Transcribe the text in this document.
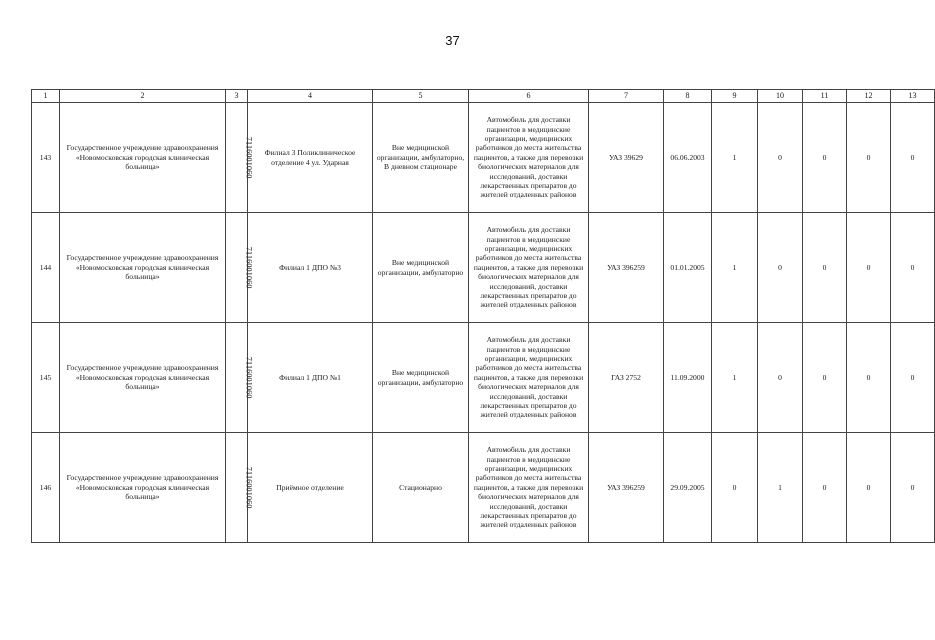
37
1	2	3	4	5	6	7	8	9	10	11	12	13
143	Государственное учреждение здравоохранения «Новомосковская городская клиническая больница»	7116001060	Филиал 3 Поликлиническое отделение 4 ул. Ударная	Вне медицинской организации, амбулаторно, В дневном стационаре	Автомобиль для доставки пациентов в медицинские организации, медицинских работников до места жительства пациентов, а также для перевозки биологических материалов для исследований, доставки лекарственных препаратов до жителей отдаленных районов	УАЗ 39629	06.06.2003	1	0	0	0	0
144	Государственное учреждение здравоохранения «Новомосковская городская клиническая больница»	7116001060	Филиал 1 ДПО №3	Вне медицинской организации, амбулаторно	Автомобиль для доставки пациентов в медицинские организации, медицинских работников до места жительства пациентов, а также для перевозки биологических материалов для исследований, доставки лекарственных препаратов до жителей отдаленных районов	УАЗ 396259	01.01.2005	1	0	0	0	0
145	Государственное учреждение здравоохранения «Новомосковская городская клиническая больница»	7116001060	Филиал 1 ДПО №1	Вне медицинской организации, амбулаторно	Автомобиль для доставки пациентов в медицинские организации, медицинских работников до места жительства пациентов, а также для перевозки биологических материалов для исследований, доставки лекарственных препаратов до жителей отдаленных районов	ГАЗ 2752	11.09.2000	1	0	0	0	0
146	Государственное учреждение здравоохранения «Новомосковская городская клиническая больница»	7116001060	Приёмное отделение	Стационарно	Автомобиль для доставки пациентов в медицинские организации, медицинских работников до места жительства пациентов, а также для перевозки биологических материалов для исследований, доставки лекарственных препаратов до жителей отдаленных районов	УАЗ 396259	29.09.2005	0	1	0	0	0
